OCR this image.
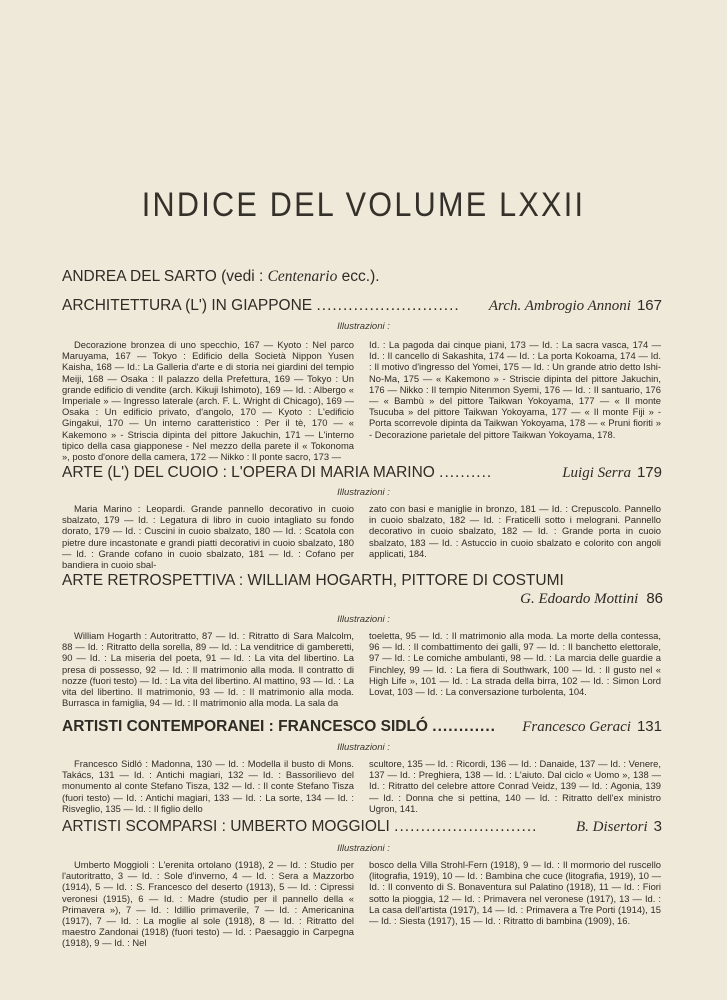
INDICE DEL VOLUME LXXII
ANDREA DEL SARTO (vedi : Centenario ecc.).
ARCHITETTURA (L') IN GIAPPONE ........................... Arch. Ambrogio Annoni 167
Illustrazioni :

Decorazione bronzea di uno specchio, 167 — Kyoto : Nel parco Maruyama, 167 — Tokyo : Edificio della Società Nippon Yusen Kaisha, 168 — Id.: La Galleria d'arte e di storia nei giardini del tempio Meiji, 168 — Osaka : Il palazzo della Prefettura, 169 — Tokyo : Un grande edificio di vendite (arch. Kikuji Ishimoto), 169 — Id. : Albergo « Imperiale » — Ingresso laterale (arch. F. L. Wright di Chicago), 169 — Osaka : Un edificio privato, d'angolo, 170 — Kyoto : L'edificio Gingakui, 170 — Un interno caratteristico : Per il tè, 170 — « Kakemono » - Striscia dipinta del pittore Jakuchin, 171 — L'interno tipico della casa giapponese - Nel mezzo della parete il « Tokonoma », posto d'onore della camera, 172 — Nikko : Il ponte sacro, 173 —

Id. : La pagoda dai cinque piani, 173 — Id. : La sacra vasca, 174 — Id. : Il cancello di Sakashita, 174 — Id. : La porta Kokoama, 174 — Id. : Il motivo d'ingresso del Yomei, 175 — Id. : Un grande atrio detto Ishi-No-Ma, 175 — « Kakemono » - Striscie dipinta del pittore Jakuchin, 176 — Nikko : Il tempio Nitenmon Syemi, 176 — Id. : Il santuario, 176 — « Bambù » del pittore Taikwan Yokoyama, 177 — « Il monte Tsucuba » del pittore Taikwan Yokoyama, 177 — « Il monte Fiji » - Porta scorrevole dipinta da Taikwan Yokoyama, 178 — « Pruni fioriti » - Decorazione parietale del pittore Taikwan Yokoyama, 178.

ARTE (L') DEL CUOIO : L'OPERA DI MARIA MARINO ..........	Luigi Serra 179
Illustrazioni :

Maria Marino : Leopardi. Grande pannello decorativo in cuoio sbalzato, 179 — Id. : Legatura di libro in cuoio intagliato su fondo dorato, 179 — Id. : Cuscini in cuoio sbalzato, 180 — Id. : Scatola con pietre dure incastonate e grandi piatti decorativi in cuoio sbalzato, 180 — Id. : Grande cofano in cuoio sbalzato, 181 — Id. : Cofano per bandiera in cuoio sbal-

zato con basi e maniglie in bronzo, 181 — Id. : Crepuscolo. Pannello in cuoio sbalzato, 182 — Id. : Fraticelli sotto i melograni. Pannello decorativo in cuoio sbalzato, 182 — Id. : Grande porta in cuoio sbalzato, 183 — Id. : Astuccio in cuoio sbalzato e colorito con angoli applicati, 184.

ARTE RETROSPETTIVA : WILLIAM HOGARTH, PITTORE DI COSTUMI
G. Edoardo Mottini 86
Illustrazioni :

William Hogarth : Autoritratto, 87 — Id. : Ritratto di Sara Malcolm, 88 — Id. : Ritratto della sorella, 89 — Id. : La venditrice di gamberetti, 90 — Id. : La miseria del poeta, 91 — Id. : La vita del libertino. La presa di possesso, 92 — Id. : Il matrimonio alla moda. Il contratto di nozze (fuori testo) — Id. : La vita del libertino. Al mattino, 93 — Id. : La vita del libertino. Il matrimonio, 93 — Id. : Il matrimonio alla moda. Burrasca in famiglia, 94 — Id. : Il matrimonio alla moda. La sala da

toeletta, 95 — Id. : Il matrimonio alla moda. La morte della contessa, 96 — Id. : Il combattimento dei galli, 97 — Id. : Il banchetto elettorale, 97 — Id. : Le comiche ambulanti, 98 — Id. : La marcia delle guardie a Finchley, 99 — Id. : La fiera di Southwark, 100 — Id. : Il gusto nel « High Life », 101 — Id. : La strada della birra, 102 — Id. : Simon Lord Lovat, 103 — Id. : La conversazione turbolenta, 104.

ARTISTI CONTEMPORANEI : FRANCESCO SIDLÓ ............ Francesco Geraci 131
Illustrazioni :

Francesco Sidló : Madonna, 130 — Id. : Modella il busto di Mons. Takács, 131 — Id. : Antichi magiari, 132 — Id. : Bassorilievo del monumento al conte Stefano Tisza, 132 — Id. : Il conte Stefano Tisza (fuori testo) — Id. : Antichi magiari, 133 — Id. : La sorte, 134 — Id. : Risveglio, 135 — Id. : Il figlio dello

scultore, 135 — Id. : Ricordi, 136 — Id. : Danaide, 137 — Id. : Venere, 137 — Id. : Preghiera, 138 — Id. : L'aiuto. Dal ciclo « Uomo », 138 — Id. : Ritratto del celebre attore Conrad Veidz, 139 — Id. : Agonia, 139 — Id. : Donna che si pettina, 140 — Id. : Ritratto dell'ex ministro Ugron, 141.

ARTISTI SCOMPARSI : UMBERTO MOGGIOLI ...........................	B. Disertori 3
Illustrazioni :

Umberto Moggioli : L'erenita ortolano (1918), 2 — Id. : Studio per l'autoritratto, 3 — Id. : Sole d'inverno, 4 — Id. : Sera a Mazzorbo (1914), 5 — Id. : S. Francesco del deserto (1913), 5 — Id. : Cipressi veronesi (1915), 6 — Id. : Madre (studio per il pannello della « Primavera »), 7 — Id. : Idillio primaverile, 7 — Id. : Americanina (1917), 7 — Id. : La moglie al sole (1918), 8 — Id. : Ritratto del maestro Zandonai (1918) (fuori testo) — Id. : Paesaggio in Carpegna (1918), 9 — Id. : Nel

bosco della Villa Strohl-Fern (1918), 9 — Id. : Il mormorio del ruscello (litografia, 1919), 10 — Id. : Bambina che cuce (litografia, 1919), 10 — Id. : Il convento di S. Bonaventura sul Palatino (1918), 11 — Id. : Fiori sotto la pioggia, 12 — Id. : Primavera nel veronese (1917), 13 — Id. : La casa dell'artista (1917), 14 — Id. : Primavera a Tre Porti (1914), 15 — Id. : Siesta (1917), 15 — Id. : Ritratto di bambina (1909), 16.
